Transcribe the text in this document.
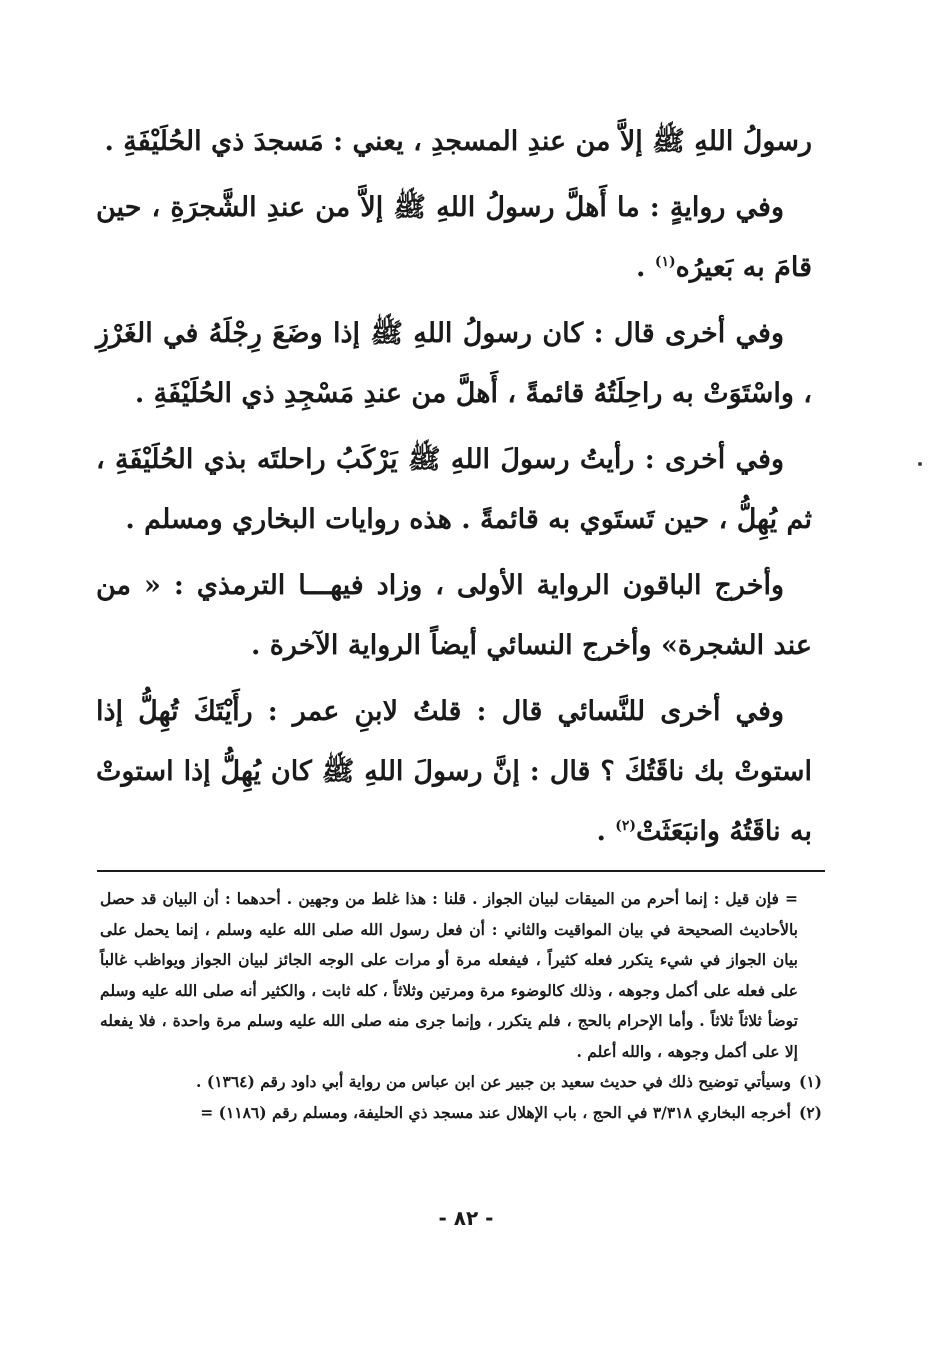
رسولُ اللهِ ﷺ إلاَّ من عندِ المسجدِ ، يعني : مَسجدَ ذي الحُلَيْفَةِ .

وفي روايةٍ : ما أَهلَّ رسولُ اللهِ ﷺ إلاَّ من عندِ الشَّجرَةِ ، حين قامَ به بَعيرُه$^{(١)}$ .

وفي أخرى قال : كان رسولُ اللهِ ﷺ إذا وضَعَ رِجْلَهُ في الغَرْزِ ، واسْتَوَتْ به راحِلَتُهُ قائمةً ، أَهلَّ من عندِ مَسْجِدِ ذي الحُلَيْفَةِ .

وفي أخرى : رأيتُ رسولَ اللهِ ﷺ يَرْكَبُ راحلتَه بذي الحُلَيْفَةِ ، ثم يُهِلُّ ، حين تَستَوي به قائمةً . هذه روايات البخاري ومسلم .

وأخرج الباقون الرواية الأولى ، وزاد فيهـــا الترمذي : « من عند الشجرة» وأخرج النسائي أيضاً الرواية الآخرة .

وفي أخرى للنَّسائي قال : قلتُ لابنِ عمر : رأَيْتَكَ تُهِلُّ إذا استوتْ بك ناقَتُكَ ؟ قال : إنَّ رسولَ اللهِ ﷺ كان يُهِلُّ إذا استوتْ به ناقَتُهُ وانبَعَثَتْ$^{(٢)}$ .

= فإن قيل : إنما أحرم من الميقات لبيان الجواز . قلنا : هذا غلط من وجهين . أحدهما : أن البيان قد حصل بالأحاديث الصحيحة في بيان المواقيت والثاني : أن فعل رسول الله صلى الله عليه وسلم ، إنما يحمل على بيان الجواز في شيء يتكرر فعله كثيراً ، فيفعله مرة أو مرات على الوجه الجائز لبيان الجواز ويواظب غالباً على فعله على أكمل وجوهه ، وذلك كالوضوء مرة ومرتين وثلاثاً ، كله ثابت ، والكثير أنه صلى الله عليه وسلم توضأ ثلاثاً ثلاثاً . وأما الإحرام بالحج ، فلم يتكرر ، وإنما جرى منه صلى الله عليه وسلم مرة واحدة ، فلا يفعله إلا على أكمل وجوهه ، والله أعلم .

(١)وسيأتي توضيح ذلك في حديث سعيد بن جبير عن ابن عباس من رواية أبي داود رقم (١٣٦٤) .

(٢)أخرجه البخاري ٣/٣١٨ في الحج ، باب الإهلال عند مسجد ذي الحليفة، ومسلم رقم (١١٨٦) =

- ٨٢ -
